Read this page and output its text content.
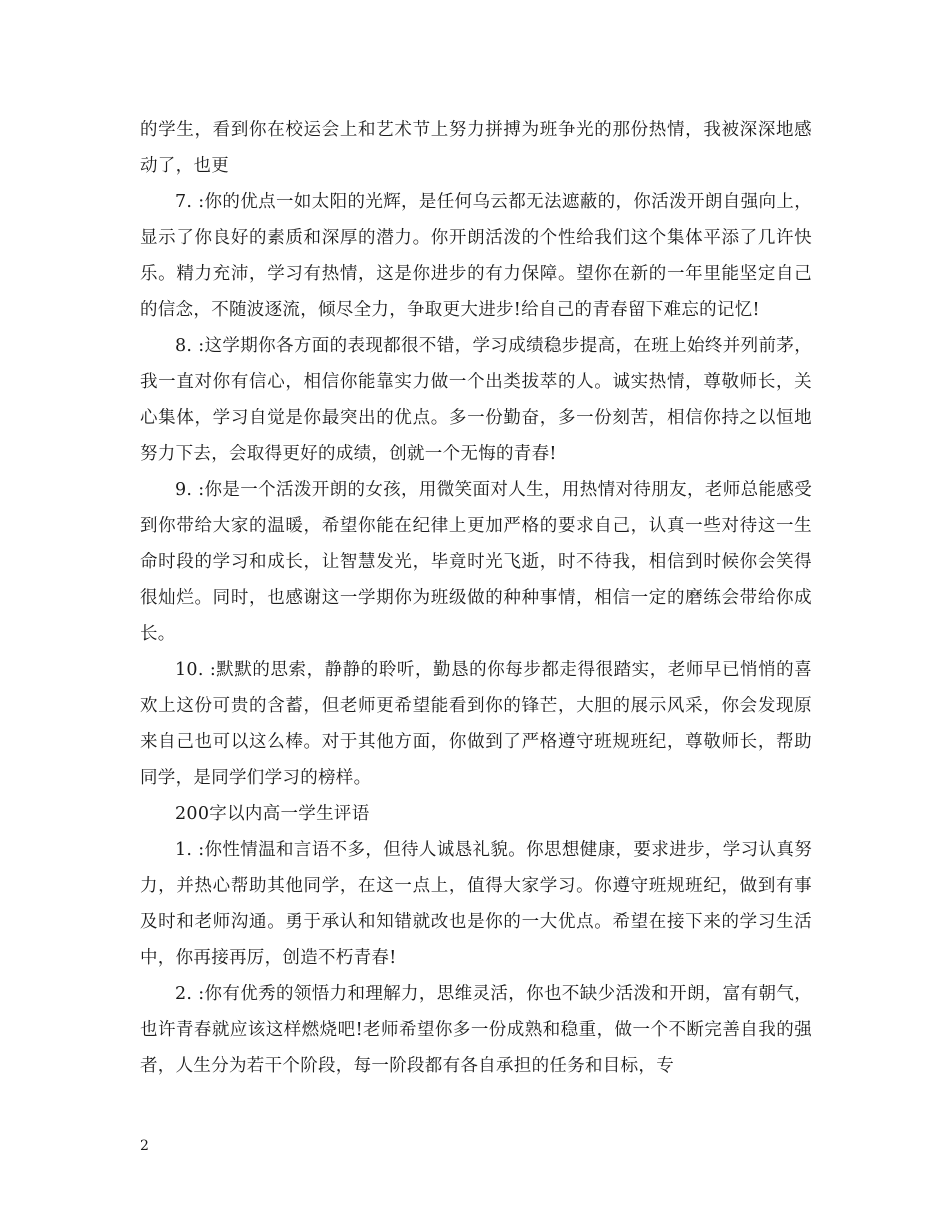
的学生，看到你在校运会上和艺术节上努力拼搏为班争光的那份热情，我被深深地感动了，也更

7. :你的优点一如太阳的光辉，是任何乌云都无法遮蔽的，你活泼开朗自强向上，显示了你良好的素质和深厚的潜力。你开朗活泼的个性给我们这个集体平添了几许快乐。精力充沛，学习有热情，这是你进步的有力保障。望你在新的一年里能坚定自己的信念，不随波逐流，倾尽全力，争取更大进步!给自己的青春留下难忘的记忆!

8. :这学期你各方面的表现都很不错，学习成绩稳步提高，在班上始终并列前茅，我一直对你有信心，相信你能靠实力做一个出类拔萃的人。诚实热情，尊敬师长，关心集体，学习自觉是你最突出的优点。多一份勤奋，多一份刻苦，相信你持之以恒地努力下去，会取得更好的成绩，创就一个无悔的青春!

9. :你是一个活泼开朗的女孩，用微笑面对人生，用热情对待朋友，老师总能感受到你带给大家的温暖，希望你能在纪律上更加严格的要求自己，认真一些对待这一生命时段的学习和成长，让智慧发光，毕竟时光飞逝，时不待我，相信到时候你会笑得很灿烂。同时，也感谢这一学期你为班级做的种种事情，相信一定的磨练会带给你成长。

10. :默默的思索，静静的聆听，勤恳的你每步都走得很踏实，老师早已悄悄的喜欢上这份可贵的含蓄，但老师更希望能看到你的锋芒，大胆的展示风采，你会发现原来自己也可以这么棒。对于其他方面，你做到了严格遵守班规班纪，尊敬师长，帮助同学，是同学们学习的榜样。

200字以内高一学生评语

1. :你性情温和言语不多，但待人诚恳礼貌。你思想健康，要求进步，学习认真努力，并热心帮助其他同学，在这一点上，值得大家学习。你遵守班规班纪，做到有事及时和老师沟通。勇于承认和知错就改也是你的一大优点。希望在接下来的学习生活中，你再接再厉，创造不朽青春!

2. :你有优秀的领悟力和理解力，思维灵活，你也不缺少活泼和开朗，富有朝气，也许青春就应该这样燃烧吧!老师希望你多一份成熟和稳重，做一个不断完善自我的强者，人生分为若干个阶段，每一阶段都有各自承担的任务和目标，专

2
